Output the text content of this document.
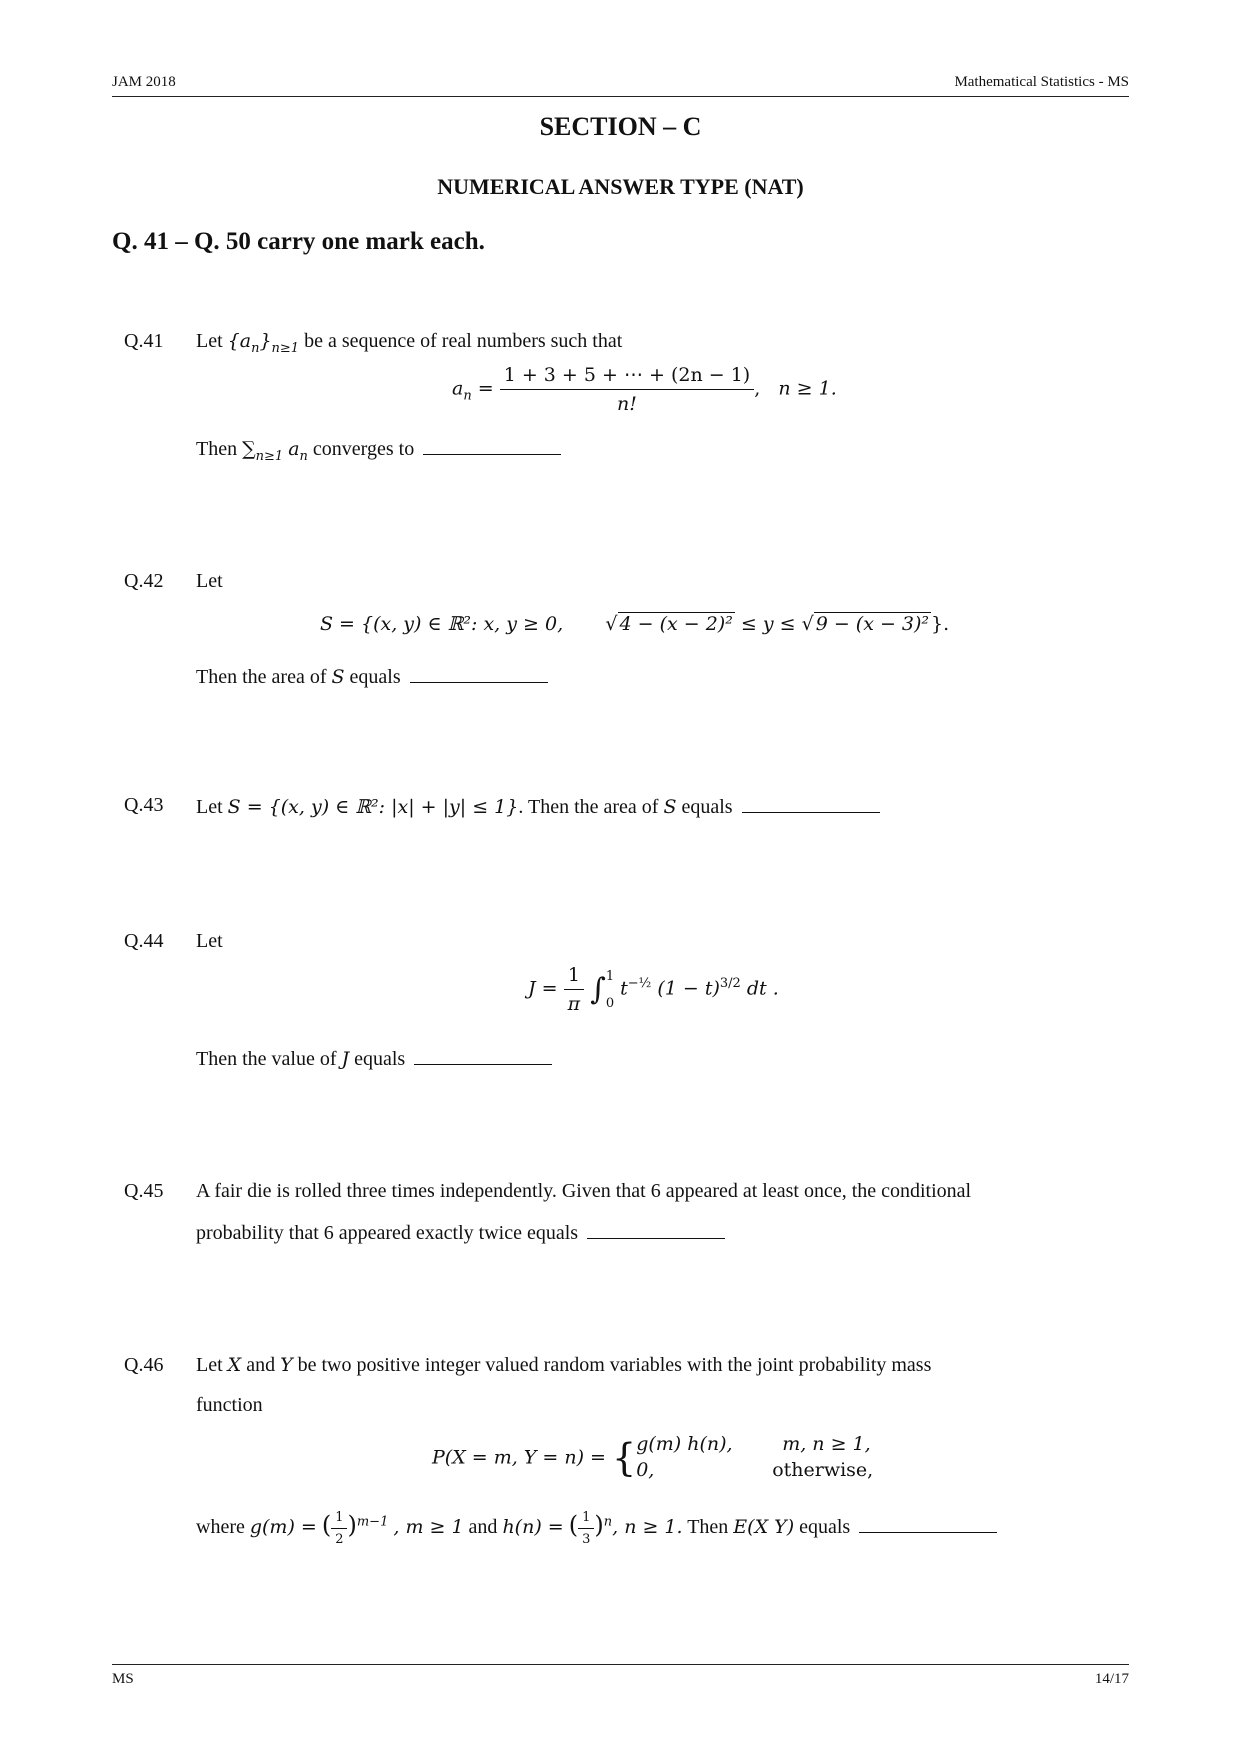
JAM 2018	Mathematical Statistics - MS
SECTION – C
NUMERICAL ANSWER TYPE (NAT)
Q. 41 – Q. 50 carry one mark each.
Q.41 Let $\{a_n\}_{n\ge 1}$ be a sequence of real numbers such that
$a_n = \frac{1 + 3 + 5 + \cdots + (2n - 1)}{n!}$ ,   n ≥ 1.
Then $\sum_{n\ge 1}$ $a_n$ converges to
Q.42 Let
S = {(x, y) ∈ ℝ²: x, y ≥ 0,       √ 4 − (x − 2)² ≤ y ≤ √ 9 − (x − 3)² }.
Then the area of S equals
Q.43 Let S = {(x, y) ∈ ℝ²: |x| + |y| ≤ 1}. Then the area of S equals
Q.44 Let
$J = \frac{1}{\pi}$ ∫ 1
0
$t^{-\frac{1}{2}}$ $(1 - t)^{3/2}$ dt .
Then the value of J equals
Q.45 A fair die is rolled three times independently. Given that 6 appeared at least once, the conditional
probability that 6 appeared exactly twice equals
Q.46 Let X and Y be two positive integer valued random variables with the joint probability mass
function
P(X = m, Y = n) = { g(m) h(n),	m, n ≥ 1,
0,	otherwise,
where g(m) = ( $\frac{1}{2} )^{m-1}$ , m ≥ 1 and h(n) = ( $\frac{1}{3} )^n$, n ≥ 1. Then E(X Y) equals
MS	14/17
